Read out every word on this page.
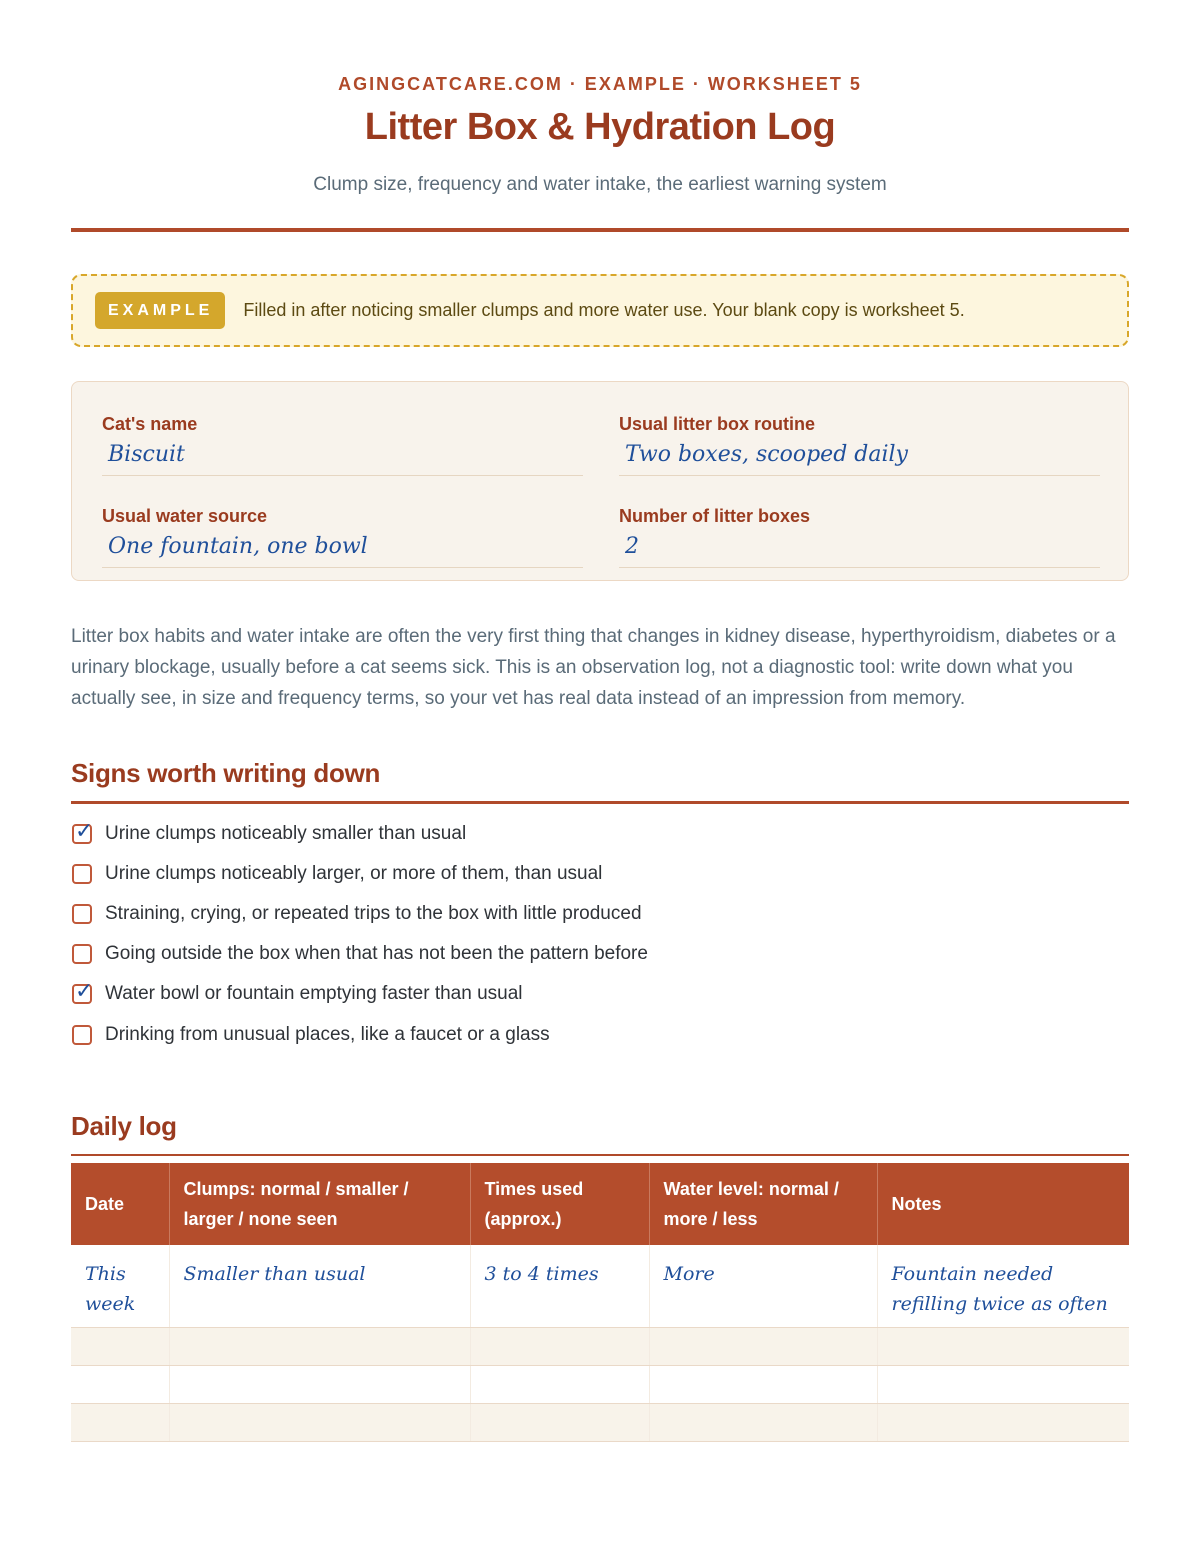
AGINGCATCARE.COM · EXAMPLE · WORKSHEET 5
Litter Box & Hydration Log
Clump size, frequency and water intake, the earliest warning system
EXAMPLE	Filled in after noticing smaller clumps and more water use. Your blank copy is worksheet 5.
Cat's name
Biscuit
Usual litter box routine
Two boxes, scooped daily
Usual water source
One fountain, one bowl
Number of litter boxes
2

Litter box habits and water intake are often the very first thing that changes in kidney disease, hyperthyroidism, diabetes or a urinary blockage, usually before a cat seems sick. This is an observation log, not a diagnostic tool: write down what you actually see, in size and frequency terms, so your vet has real data instead of an impression from memory.

Signs worth writing down
✓ Urine clumps noticeably smaller than usual
Urine clumps noticeably larger, or more of them, than usual
Straining, crying, or repeated trips to the box with little produced
Going outside the box when that has not been the pattern before
✓ Water bowl or fountain emptying faster than usual
Drinking from unusual places, like a faucet or a glass
Daily log
Date	Clumps: normal / smaller / larger / none seen	Times used (approx.)	Water level: normal / more / less	Notes
This week	Smaller than usual	3 to 4 times	More	Fountain needed refilling twice as often
